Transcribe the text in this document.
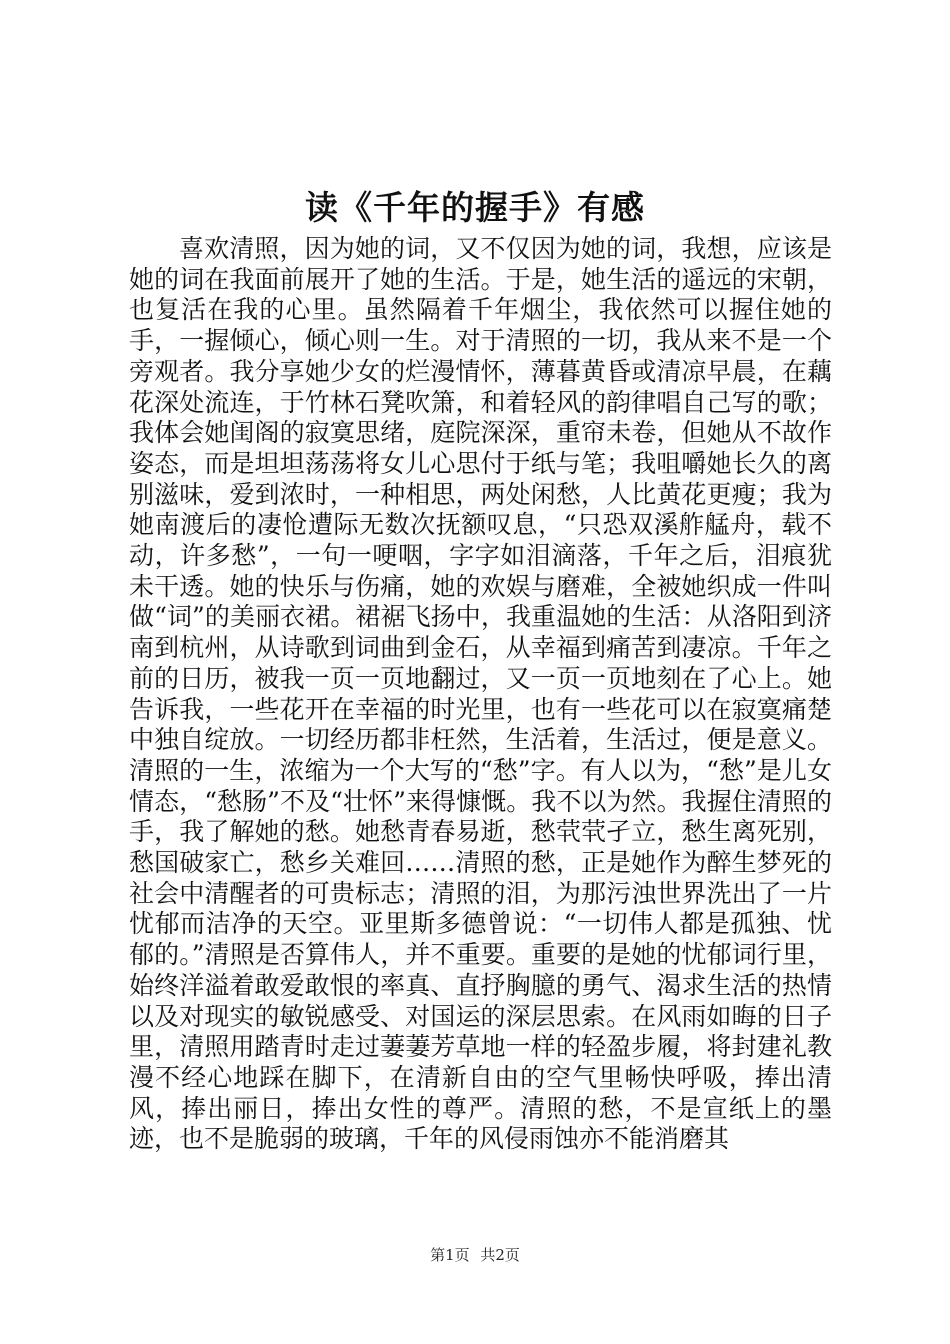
读《千年的握手》有感

喜欢清照，因为她的词，又不仅因为她的词，我想，应该是她的词在我面前展开了她的生活。于是，她生活的遥远的宋朝，也复活在我的心里。虽然隔着千年烟尘，我依然可以握住她的手，一握倾心，倾心则一生。对于清照的一切，我从来不是一个旁观者。我分享她少女的烂漫情怀，薄暮黄昏或清凉早晨，在藕花深处流连，于竹林石凳吹箫，和着轻风的韵律唱自己写的歌；我体会她闺阁的寂寞思绪，庭院深深，重帘未卷，但她从不故作姿态，而是坦坦荡荡将女儿心思付于纸与笔；我咀嚼她长久的离别滋味，爱到浓时，一种相思，两处闲愁，人比黄花更瘦；我为她南渡后的凄怆遭际无数次抚额叹息，“只恐双溪舴艋舟，载不动，许多愁”，一句一哽咽，字字如泪滴落，千年之后，泪痕犹未干透。她的快乐与伤痛，她的欢娱与磨难，全被她织成一件叫做“词”的美丽衣裙。裙裾飞扬中，我重温她的生活：从洛阳到济南到杭州，从诗歌到词曲到金石，从幸福到痛苦到凄凉。千年之前的日历，被我一页一页地翻过，又一页一页地刻在了心上。她告诉我，一些花开在幸福的时光里，也有一些花可以在寂寞痛楚中独自绽放。一切经历都非枉然，生活着，生活过，便是意义。清照的一生，浓缩为一个大写的“愁”字。有人以为，“愁”是儿女情态，“愁肠”不及“壮怀”来得慷慨。我不以为然。我握住清照的手，我了解她的愁。她愁青春易逝，愁茕茕孑立，愁生离死别，愁国破家亡，愁乡关难回……清照的愁，正是她作为醉生梦死的社会中清醒者的可贵标志；清照的泪，为那污浊世界洗出了一片忧郁而洁净的天空。亚里斯多德曾说：“一切伟人都是孤独、忧郁的。”清照是否算伟人，并不重要。重要的是她的忧郁词行里，始终洋溢着敢爱敢恨的率真、直抒胸臆的勇气、渴求生活的热情以及对现实的敏锐感受、对国运的深层思索。在风雨如晦的日子里，清照用踏青时走过萋萋芳草地一样的轻盈步履，将封建礼教漫不经心地踩在脚下，在清新自由的空气里畅快呼吸，捧出清风，捧出丽日，捧出女性的尊严。清照的愁，不是宣纸上的墨迹，也不是脆弱的玻璃，千年的风侵雨蚀亦不能消磨其

第1页 共2页
